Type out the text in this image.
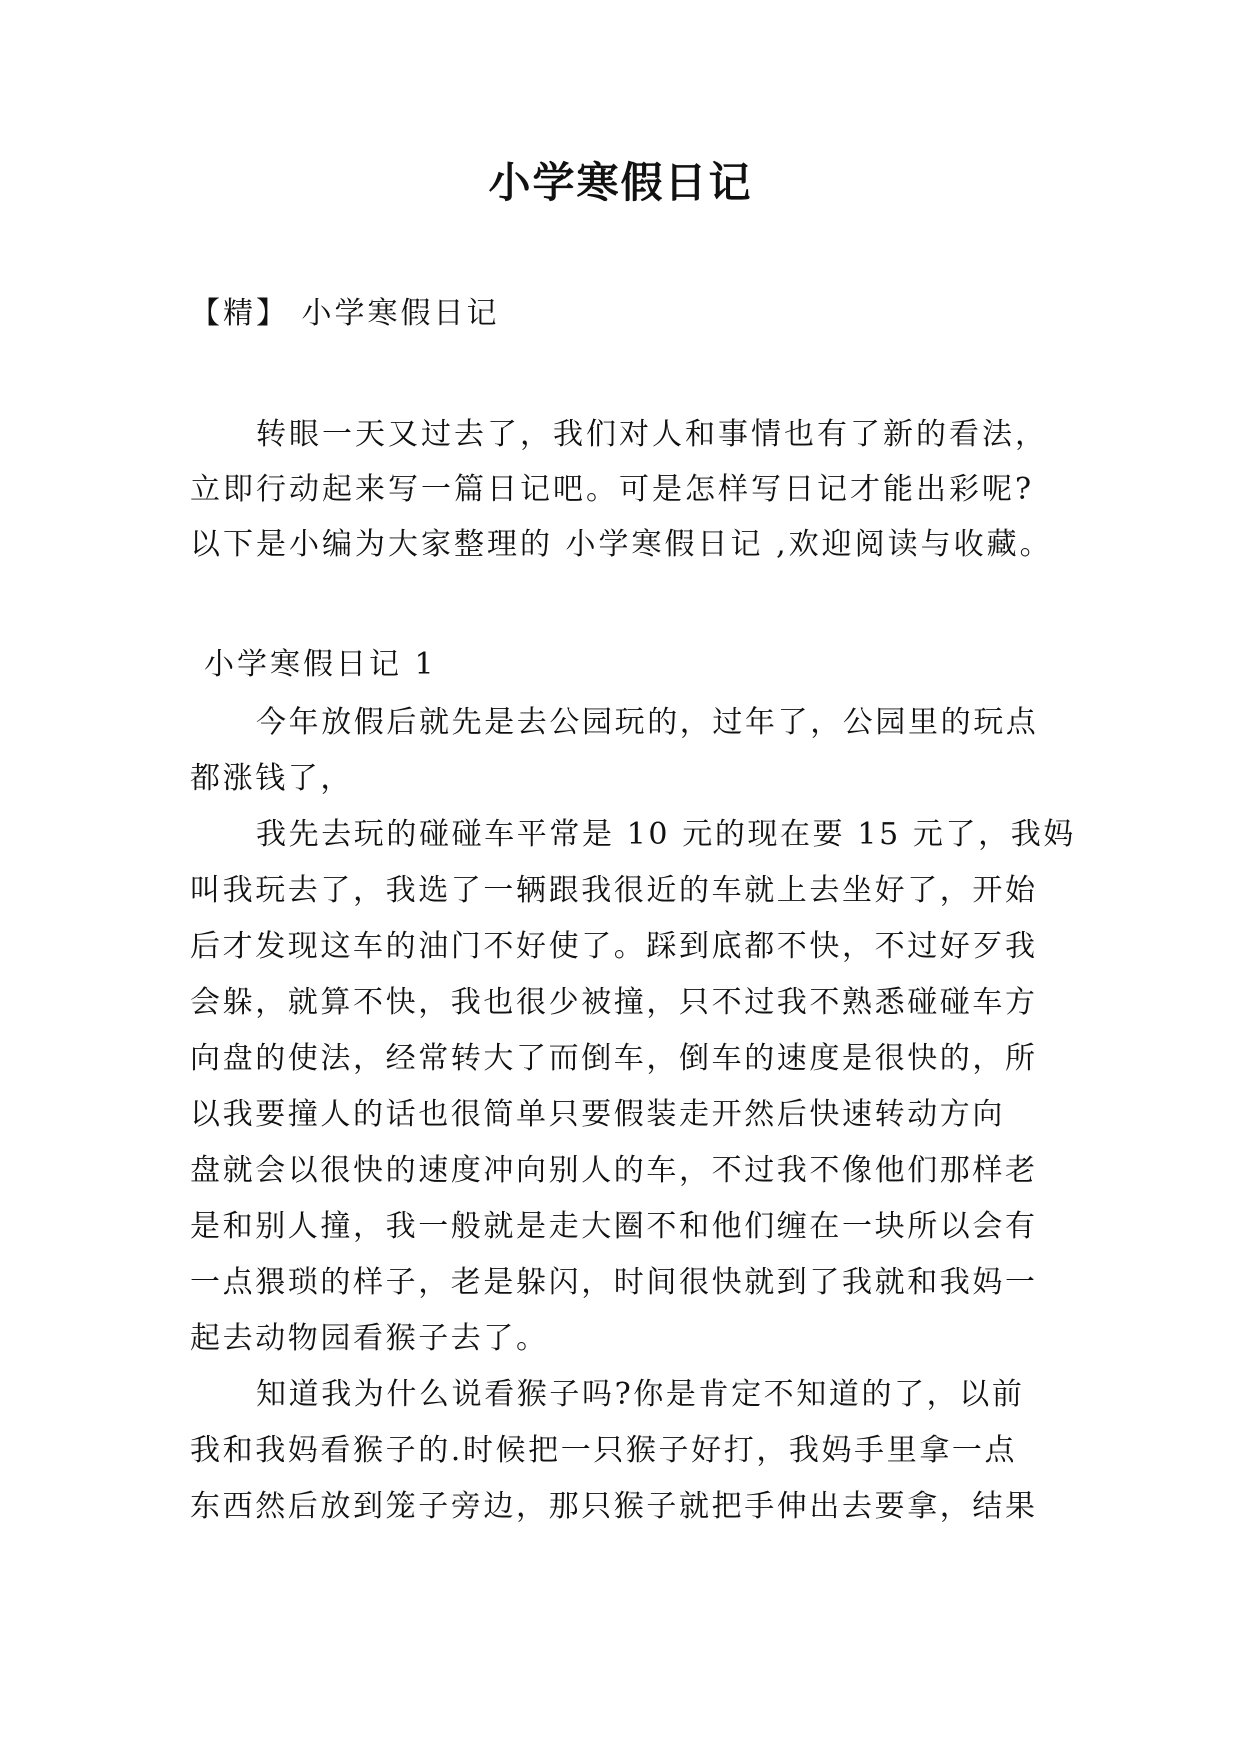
小学寒假日记
【精】 小学寒假日记
转眼一天又过去了，我们对人和事情也有了新的看法，
立即行动起来写一篇日记吧。可是怎样写日记才能出彩呢?
以下是小编为大家整理的 小学寒假日记 ,欢迎阅读与收藏。
小学寒假日记 1
今年放假后就先是去公园玩的，过年了，公园里的玩点
都涨钱了，
我先去玩的碰碰车平常是 10 元的现在要 15 元了，我妈
叫我玩去了，我选了一辆跟我很近的车就上去坐好了，开始
后才发现这车的油门不好使了。踩到底都不快，不过好歹我
会躲，就算不快，我也很少被撞，只不过我不熟悉碰碰车方
向盘的使法，经常转大了而倒车，倒车的速度是很快的，所
以我要撞人的话也很简单只要假装走开然后快速转动方向
盘就会以很快的速度冲向别人的车，不过我不像他们那样老
是和别人撞，我一般就是走大圈不和他们缠在一块所以会有
一点猥琐的样子，老是躲闪，时间很快就到了我就和我妈一
起去动物园看猴子去了。
知道我为什么说看猴子吗?你是肯定不知道的了，以前
我和我妈看猴子的.时候把一只猴子好打，我妈手里拿一点
东西然后放到笼子旁边，那只猴子就把手伸出去要拿，结果
